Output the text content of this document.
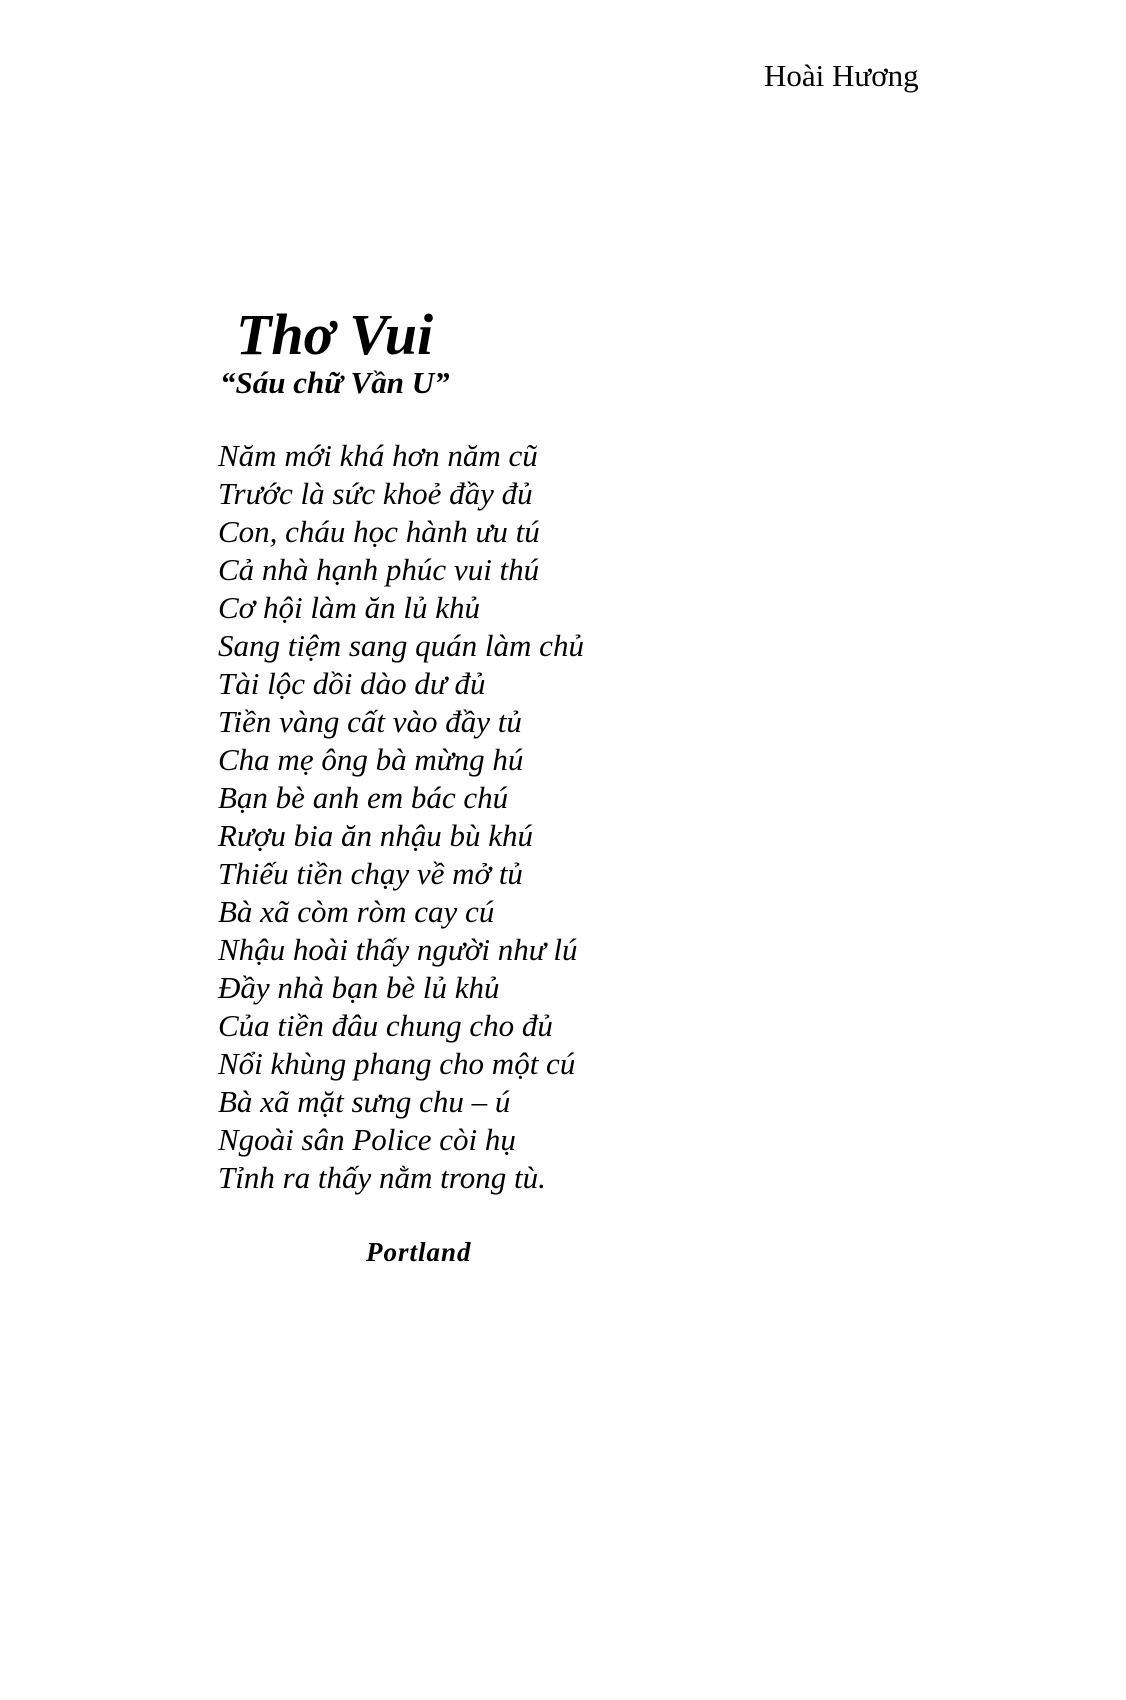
Hoài Hương
Thơ Vui
“Sáu chữ Vần U”
Năm mới khá hơn năm cũ
Trước là sức khoẻ đầy đủ
Con, cháu học hành ưu tú
Cả nhà hạnh phúc vui thú
Cơ hội làm ăn lủ khủ
Sang tiệm sang quán làm chủ
Tài lộc dồi dào dư đủ
Tiền vàng cất vào đầy tủ
Cha mẹ ông bà mừng hú
Bạn bè anh em bác chú
Rượu bia ăn nhậu bù khú
Thiếu tiền chạy về mở tủ
Bà xã còm ròm cay cú
Nhậu hoài thấy người như lú
Đầy nhà bạn bè lủ khủ
Của tiền đâu chung cho đủ
Nổi khùng phang cho một cú
Bà xã mặt sưng chu – ú
Ngoài sân Police còi hụ
Tỉnh ra thấy nằm trong tù.
Portland
